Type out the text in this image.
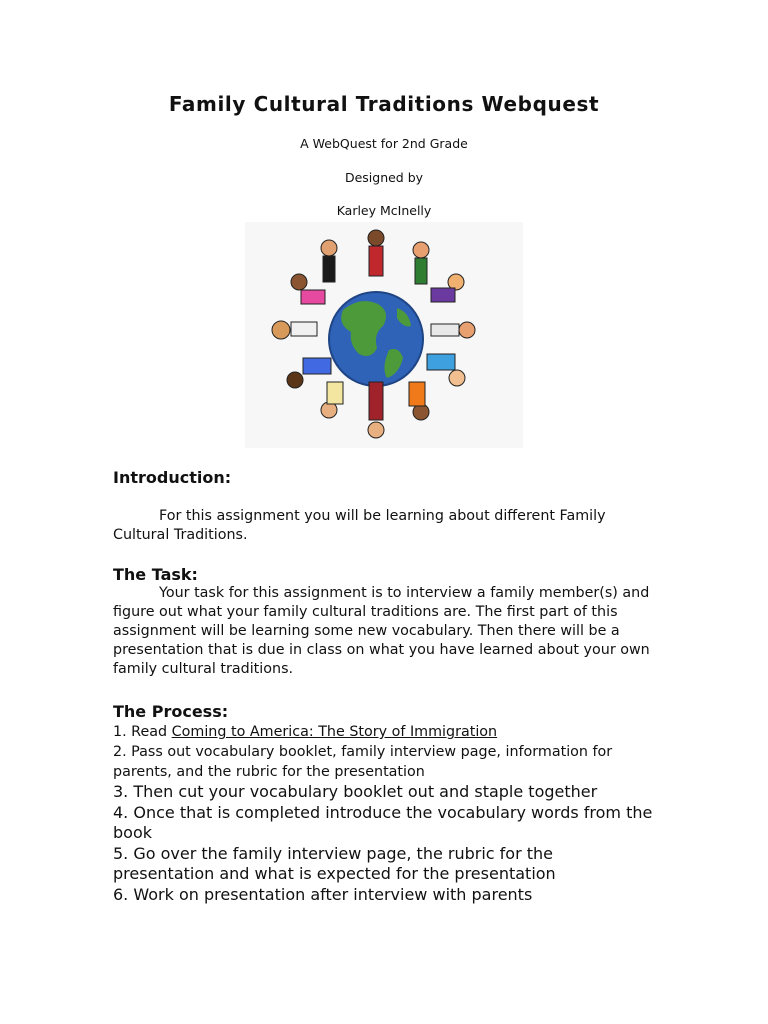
Family Cultural Traditions Webquest
A WebQuest for 2nd Grade
Designed by
Karley McInelly
Introduction:
For this assignment you will be learning about different Family Cultural Traditions.
The Task:
Your task for this assignment is to interview a family member(s) and figure out what your family cultural traditions are. The first part of this assignment will be learning some new vocabulary. Then there will be a presentation that is due in class on what you have learned about your own family cultural traditions.
The Process:
1. Read Coming to America: The Story of Immigration
2. Pass out vocabulary booklet, family interview page, information for parents, and the rubric for the presentation
3. Then cut your vocabulary booklet out and staple together
4. Once that is completed introduce the vocabulary words from the book
5. Go over the family interview page, the rubric for the presentation and what is expected for the presentation
6. Work on presentation after interview with parents
